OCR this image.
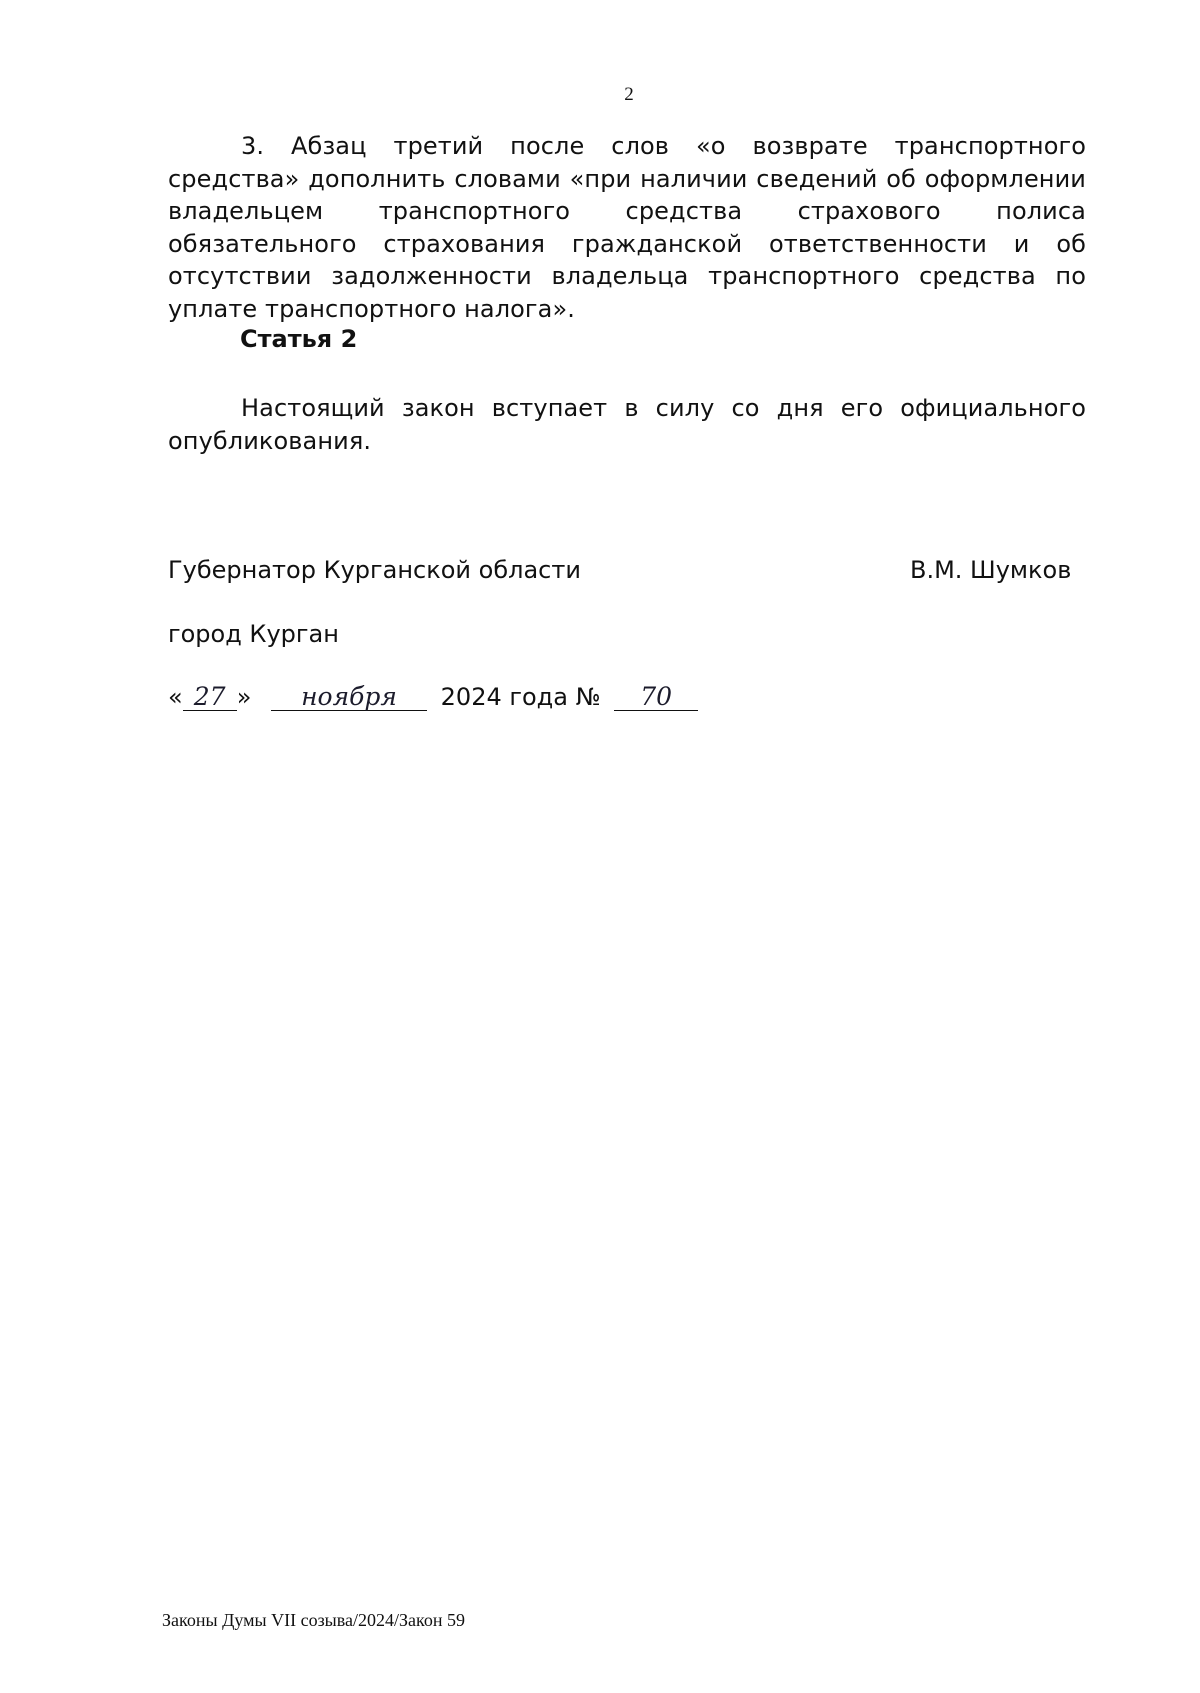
2

3. Абзац третий после слов «о возврате транспортного средства» дополнить словами «при наличии сведений об оформлении владельцем транспортного средства страхового полиса обязательного страхования гражданской ответственности и об отсутствии задолженности владельца транспортного средства по уплате транспортного налога».

Статья 2

Настоящий закон вступает в силу со дня его официального опубликования.

Губернатор Курганской области	В.М. Шумков
город Курган
« 27 » ноября 2024 года № 70
Законы Думы VII созыва/2024/Закон 59
